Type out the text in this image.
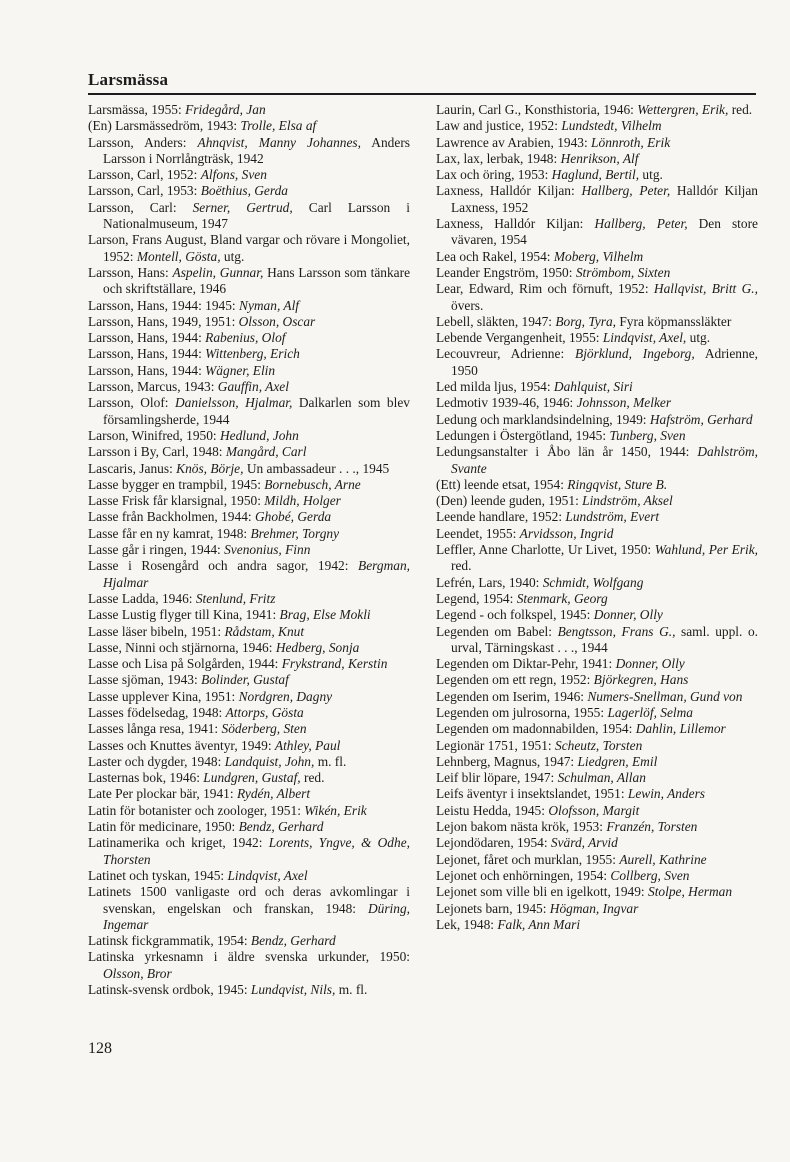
Larsmässa

Larsmässa, 1955: Fridegård, Jan

(En) Larsmässedröm, 1943: Trolle, Elsa af

Larsson, Anders: Ahnqvist, Manny Johannes, Anders Larsson i Norrlångträsk, 1942

Larsson, Carl, 1952: Alfons, Sven

Larsson, Carl, 1953: Boëthius, Gerda

Larsson, Carl: Serner, Gertrud, Carl Larsson i Nationalmuseum, 1947

Larson, Frans August, Bland vargar och rövare i Mongoliet, 1952: Montell, Gösta, utg.

Larsson, Hans: Aspelin, Gunnar, Hans Larsson som tänkare och skriftställare, 1946

Larsson, Hans, 1944: 1945: Nyman, Alf

Larsson, Hans, 1949, 1951: Olsson, Oscar

Larsson, Hans, 1944: Rabenius, Olof

Larsson, Hans, 1944: Wittenberg, Erich

Larsson, Hans, 1944: Wägner, Elin

Larsson, Marcus, 1943: Gauffin, Axel

Larsson, Olof: Danielsson, Hjalmar, Dalkarlen som blev församlingsherde, 1944

Larson, Winifred, 1950: Hedlund, John

Larsson i By, Carl, 1948: Mangård, Carl

Lascaris, Janus: Knös, Börje, Un ambassadeur . . ., 1945

Lasse bygger en trampbil, 1945: Bornebusch, Arne

Lasse Frisk får klarsignal, 1950: Mildh, Holger

Lasse från Backholmen, 1944: Ghobé, Gerda

Lasse får en ny kamrat, 1948: Brehmer, Torgny

Lasse går i ringen, 1944: Svenonius, Finn

Lasse i Rosengård och andra sagor, 1942: Bergman, Hjalmar

Lasse Ladda, 1946: Stenlund, Fritz

Lasse Lustig flyger till Kina, 1941: Brag, Else Mokli

Lasse läser bibeln, 1951: Rådstam, Knut

Lasse, Ninni och stjärnorna, 1946: Hedberg, Sonja

Lasse och Lisa på Solgården, 1944: Frykstrand, Kerstin

Lasse sjöman, 1943: Bolinder, Gustaf

Lasse upplever Kina, 1951: Nordgren, Dagny

Lasses födelsedag, 1948: Attorps, Gösta

Lasses långa resa, 1941: Söderberg, Sten

Lasses och Knuttes äventyr, 1949: Athley, Paul

Laster och dygder, 1948: Landquist, John, m. fl.

Lasternas bok, 1946: Lundgren, Gustaf, red.

Late Per plockar bär, 1941: Rydén, Albert

Latin för botanister och zoologer, 1951: Wikén, Erik

Latin för medicinare, 1950: Bendz, Gerhard

Latinamerika och kriget, 1942: Lorents, Yngve, & Odhe, Thorsten

Latinet och tyskan, 1945: Lindqvist, Axel

Latinets 1500 vanligaste ord och deras avkomlingar i svenskan, engelskan och franskan, 1948: Düring, Ingemar

Latinsk fickgrammatik, 1954: Bendz, Gerhard

Latinska yrkesnamn i äldre svenska urkunder, 1950: Olsson, Bror

Latinsk-svensk ordbok, 1945: Lundqvist, Nils, m. fl.

Laurin, Carl G., Konsthistoria, 1946: Wettergren, Erik, red.

Law and justice, 1952: Lundstedt, Vilhelm

Lawrence av Arabien, 1943: Lönnroth, Erik

Lax, lax, lerbak, 1948: Henrikson, Alf

Lax och öring, 1953: Haglund, Bertil, utg.

Laxness, Halldór Kiljan: Hallberg, Peter, Halldór Kiljan Laxness, 1952

Laxness, Halldór Kiljan: Hallberg, Peter, Den store vävaren, 1954

Lea och Rakel, 1954: Moberg, Vilhelm

Leander Engström, 1950: Strömbom, Sixten

Lear, Edward, Rim och förnuft, 1952: Hallqvist, Britt G., övers.

Lebell, släkten, 1947: Borg, Tyra, Fyra köpmanssläkter

Lebende Vergangenheit, 1955: Lindqvist, Axel, utg.

Lecouvreur, Adrienne: Björklund, Ingeborg, Adrienne, 1950

Led milda ljus, 1954: Dahlquist, Siri

Ledmotiv 1939-46, 1946: Johnsson, Melker

Ledung och marklandsindelning, 1949: Hafström, Gerhard

Ledungen i Östergötland, 1945: Tunberg, Sven

Ledungsanstalter i Åbo län år 1450, 1944: Dahlström, Svante

(Ett) leende etsat, 1954: Ringqvist, Sture B.

(Den) leende guden, 1951: Lindström, Aksel

Leende handlare, 1952: Lundström, Evert

Leendet, 1955: Arvidsson, Ingrid

Leffler, Anne Charlotte, Ur Livet, 1950: Wahlund, Per Erik, red.

Lefrén, Lars, 1940: Schmidt, Wolfgang

Legend, 1954: Stenmark, Georg

Legend - och folkspel, 1945: Donner, Olly

Legenden om Babel: Bengtsson, Frans G., saml. uppl. o. urval, Tärningskast . . ., 1944

Legenden om Diktar-Pehr, 1941: Donner, Olly

Legenden om ett regn, 1952: Björkegren, Hans

Legenden om Iserim, 1946: Numers-Snellman, Gund von

Legenden om julrosorna, 1955: Lagerlöf, Selma

Legenden om madonnabilden, 1954: Dahlin, Lillemor

Legionär 1751, 1951: Scheutz, Torsten

Lehnberg, Magnus, 1947: Liedgren, Emil

Leif blir löpare, 1947: Schulman, Allan

Leifs äventyr i insektslandet, 1951: Lewin, Anders

Leistu Hedda, 1945: Olofsson, Margit

Lejon bakom nästa krök, 1953: Franzén, Torsten

Lejondödaren, 1954: Svärd, Arvid

Lejonet, fåret och murklan, 1955: Aurell, Kathrine

Lejonet och enhörningen, 1954: Collberg, Sven

Lejonet som ville bli en igelkott, 1949: Stolpe, Herman

Lejonets barn, 1945: Högman, Ingvar

Lek, 1948: Falk, Ann Mari

128
